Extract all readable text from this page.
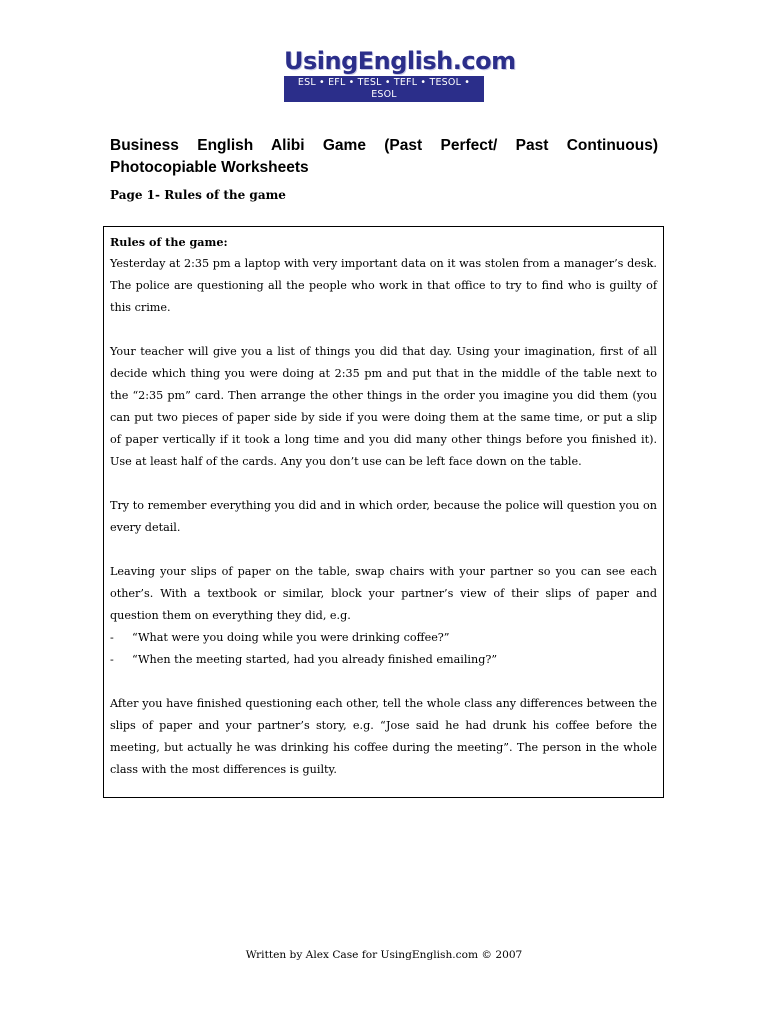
UsingEnglish.com
ESL • EFL • TESL • TEFL • TESOL • ESOL
Business English Alibi Game (Past Perfect/ Past Continuous) Photocopiable Worksheets
Page 1- Rules of the game

Rules of the game:

Yesterday at 2:35 pm a laptop with very important data on it was stolen from a manager’s desk. The police are questioning all the people who work in that office to try to find who is guilty of this crime.

Your teacher will give you a list of things you did that day. Using your imagination, first of all decide which thing you were doing at 2:35 pm and put that in the middle of the table next to the “2:35 pm” card. Then arrange the other things in the order you imagine you did them (you can put two pieces of paper side by side if you were doing them at the same time, or put a slip of paper vertically if it took a long time and you did many other things before you finished it). Use at least half of the cards. Any you don’t use can be left face down on the table.

Try to remember everything you did and in which order, because the police will question you on every detail.

Leaving your slips of paper on the table, swap chairs with your partner so you can see each other’s. With a textbook or similar, block your partner’s view of their slips of paper and question them on everything they did, e.g.

-	“What were you doing while you were drinking coffee?”
-	“When the meeting started, had you already finished emailing?”

After you have finished questioning each other, tell the whole class any differences between the slips of paper and your partner’s story, e.g. “Jose said he had drunk his coffee before the meeting, but actually he was drinking his coffee during the meeting”. The person in the whole class with the most differences is guilty.

Written by Alex Case for UsingEnglish.com © 2007
